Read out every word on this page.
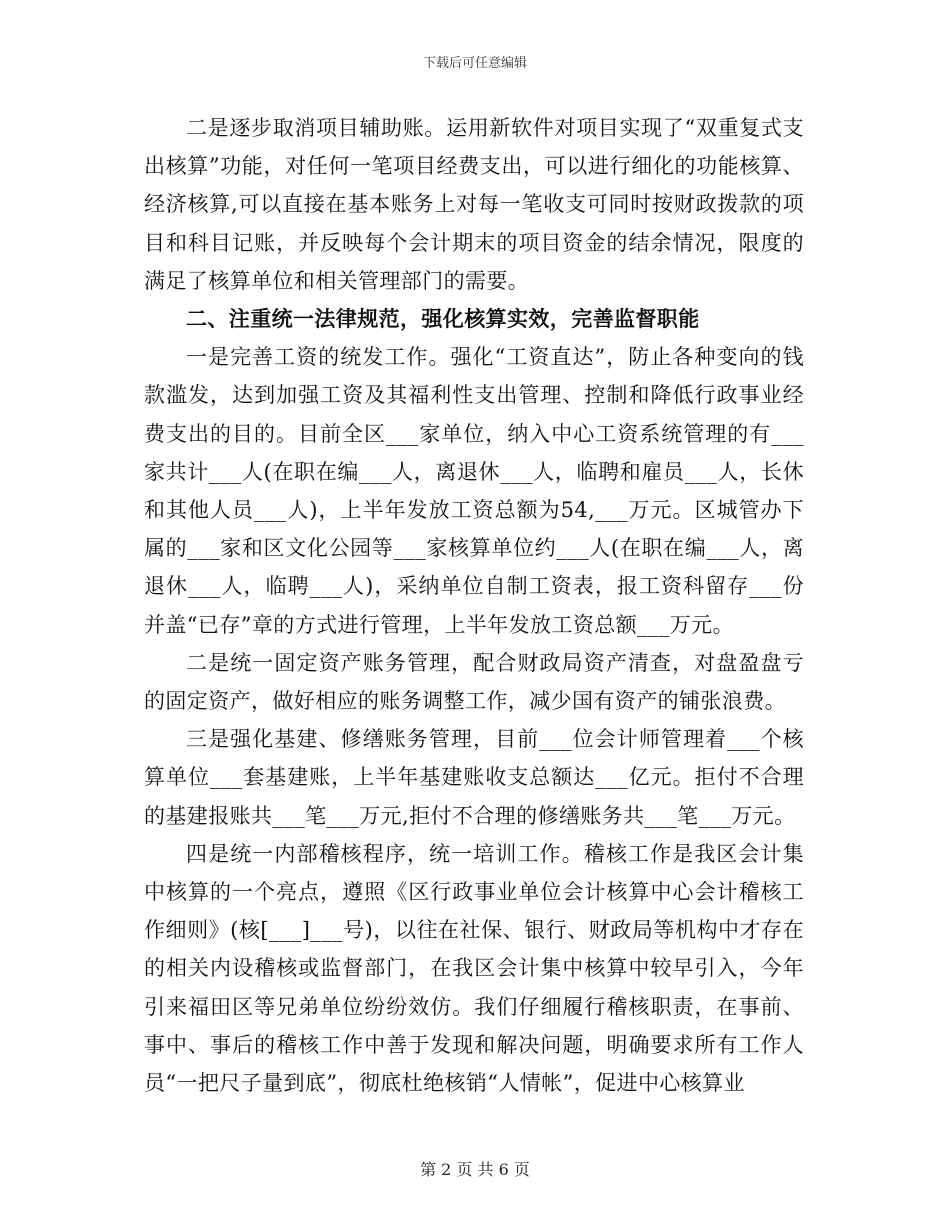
下载后可任意编辑

二是逐步取消项目辅助账。运用新软件对项目实现了“双重复式支出核算”功能，对任何一笔项目经费支出，可以进行细化的功能核算、经济核算,可以直接在基本账务上对每一笔收支可同时按财政拨款的项目和科目记账，并反映每个会计期末的项目资金的结余情况，限度的满足了核算单位和相关管理部门的需要。

二、注重统一法律规范，强化核算实效，完善监督职能

一是完善工资的统发工作。强化“工资直达”，防止各种变向的钱款滥发，达到加强工资及其福利性支出管理、控制和降低行政事业经费支出的目的。目前全区___家单位，纳入中心工资系统管理的有___家共计___人(在职在编___人，离退休___人，临聘和雇员___人，长休和其他人员___人)，上半年发放工资总额为54,___万元。区城管办下属的___家和区文化公园等___家核算单位约___人(在职在编___人，离退休___人，临聘___人)，采纳单位自制工资表，报工资科留存___份并盖“已存”章的方式进行管理，上半年发放工资总额___万元。

二是统一固定资产账务管理，配合财政局资产清查，对盘盈盘亏的固定资产，做好相应的账务调整工作，减少国有资产的铺张浪费。

三是强化基建、修缮账务管理，目前___位会计师管理着___个核算单位___套基建账，上半年基建账收支总额达___亿元。拒付不合理的基建报账共___笔___万元,拒付不合理的修缮账务共___笔___万元。

四是统一内部稽核程序，统一培训工作。稽核工作是我区会计集中核算的一个亮点，遵照《区行政事业单位会计核算中心会计稽核工作细则》(核[___]___号)，以往在社保、银行、财政局等机构中才存在的相关内设稽核或监督部门，在我区会计集中核算中较早引入，今年引来福田区等兄弟单位纷纷效仿。我们仔细履行稽核职责，在事前、事中、事后的稽核工作中善于发现和解决问题，明确要求所有工作人员“一把尺子量到底”，彻底杜绝核销“人情帐”，促进中心核算业

第 2 页 共 6 页
